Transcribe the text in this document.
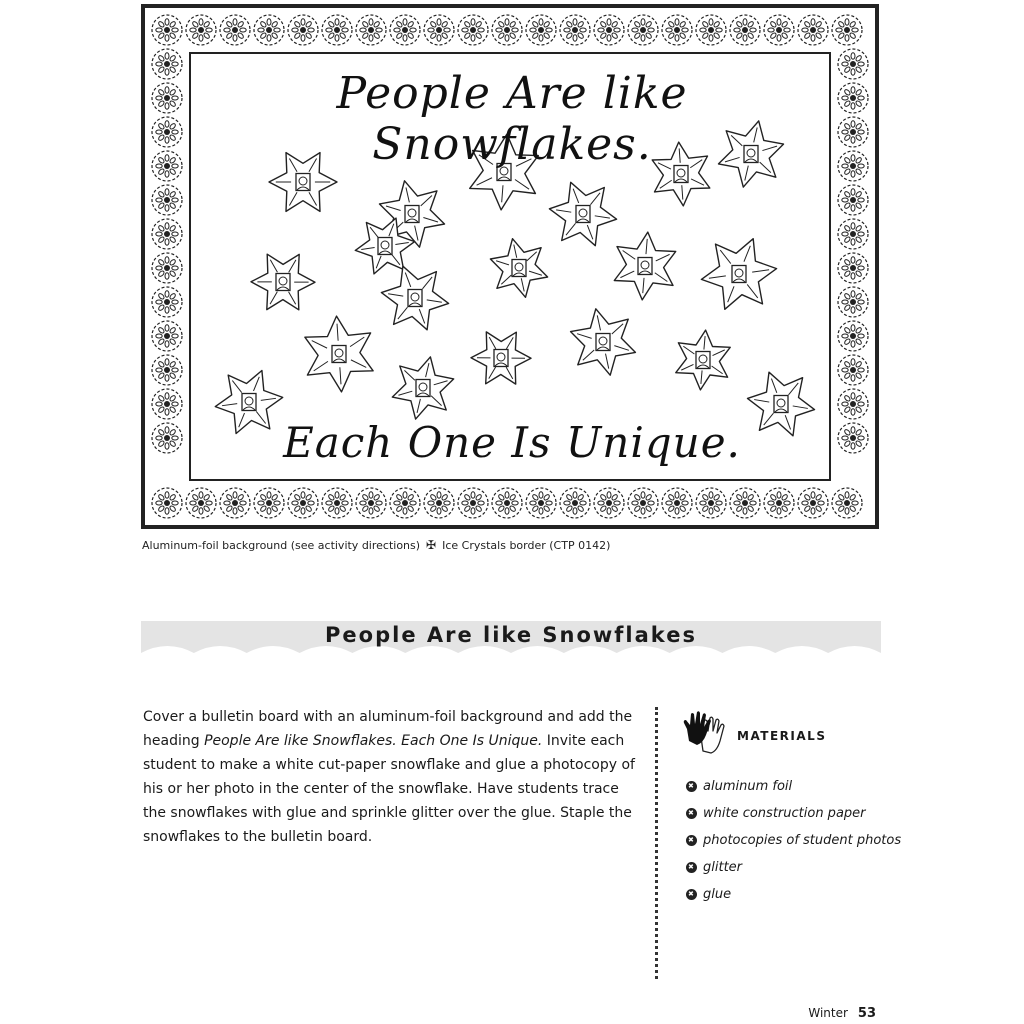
People Are like Snowflakes.
Each One Is Unique.
Aluminum-foil background (see activity directions) ✠ Ice Crystals border (CTP 0142)
People Are like Snowflakes

Cover a bulletin board with an aluminum-foil background and add the heading People Are like Snowflakes. Each One Is Unique. Invite each student to make a white cut-paper snowflake and glue a photocopy of his or her photo in the center of the snowflake. Have students trace the snowflakes with glue and sprinkle glitter over the glue. Staple the snowflakes to the bulletin board.

MATERIALS
✖
aluminum foil
✖
white construction paper
✖
photocopies of student photos
✖
glitter
✖
glue
Winter 53
